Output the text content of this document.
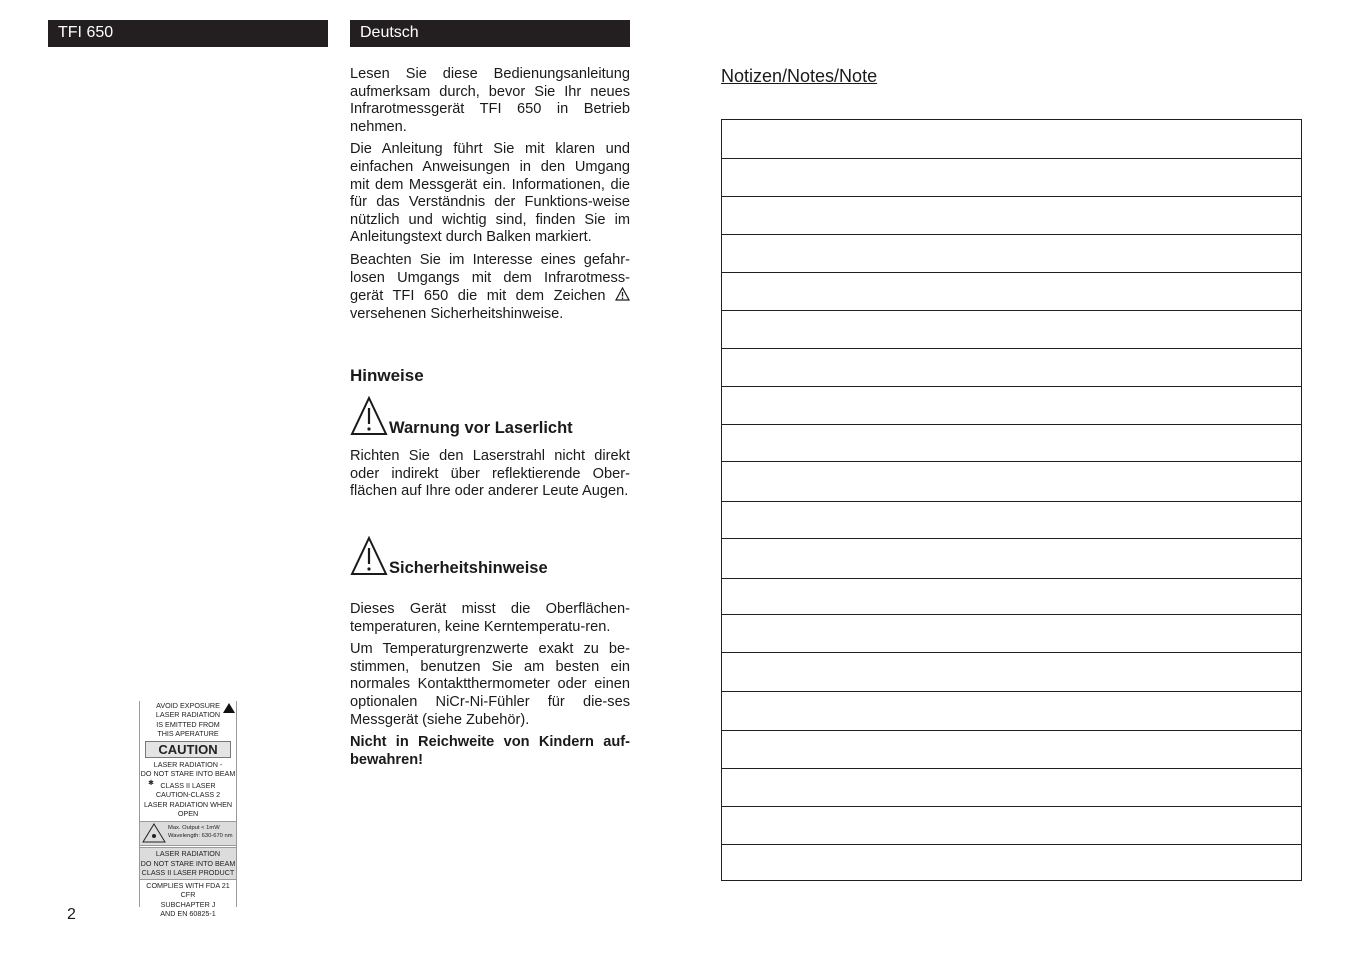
TFI 650	Deutsch

Lesen Sie diese Bedienungsanleitung aufmerksam durch, bevor Sie Ihr neues Infrarotmessgerät TFI 650 in Betrieb nehmen.

Die Anleitung führt Sie mit klaren und einfachen Anweisungen in den Umgang mit dem Messgerät ein. Informationen, die für das Verständnis der Funktions-weise nützlich und wichtig sind, finden Sie im Anleitungstext durch Balken markiert.

Beachten Sie im Interesse eines gefahr-losen Umgangs mit dem Infrarotmess-gerät TFI 650 die mit dem Zeichen  versehenen Sicherheitshinweise.

Hinweise
Warnung vor Laserlicht

Richten Sie den Laserstrahl nicht direkt oder indirekt über reflektierende Ober-flächen auf Ihre oder anderer Leute Augen.

Sicherheitshinweise

Dieses Gerät misst die Oberflächen-temperaturen, keine Kerntemperatu-ren.

Um Temperaturgrenzwerte exakt zu be-stimmen, benutzen Sie am besten ein normales Kontaktthermometer oder einen optionalen NiCr-Ni-Fühler für die-ses Messgerät (siehe Zubehör).

Nicht in Reichweite von Kindern auf-bewahren!

AVOID EXPOSURE
LASER RADIATION
IS EMITTED FROM
THIS APERATURE
CAUTION
LASER RADIATION -
DO NOT STARE INTO BEAM
✱ CLASS II LASER
CAUTION-CLASS 2
LASER RADIATION WHEN OPEN
Max. Output < 1mW
Wavelength: 630-670 nm
LASER RADIATION
DO NOT STARE INTO BEAM
CLASS II LASER PRODUCT
COMPLIES WITH FDA 21 CFR
SUBCHAPTER J
AND EN 60825-1
Notizen/Notes/Note
2
